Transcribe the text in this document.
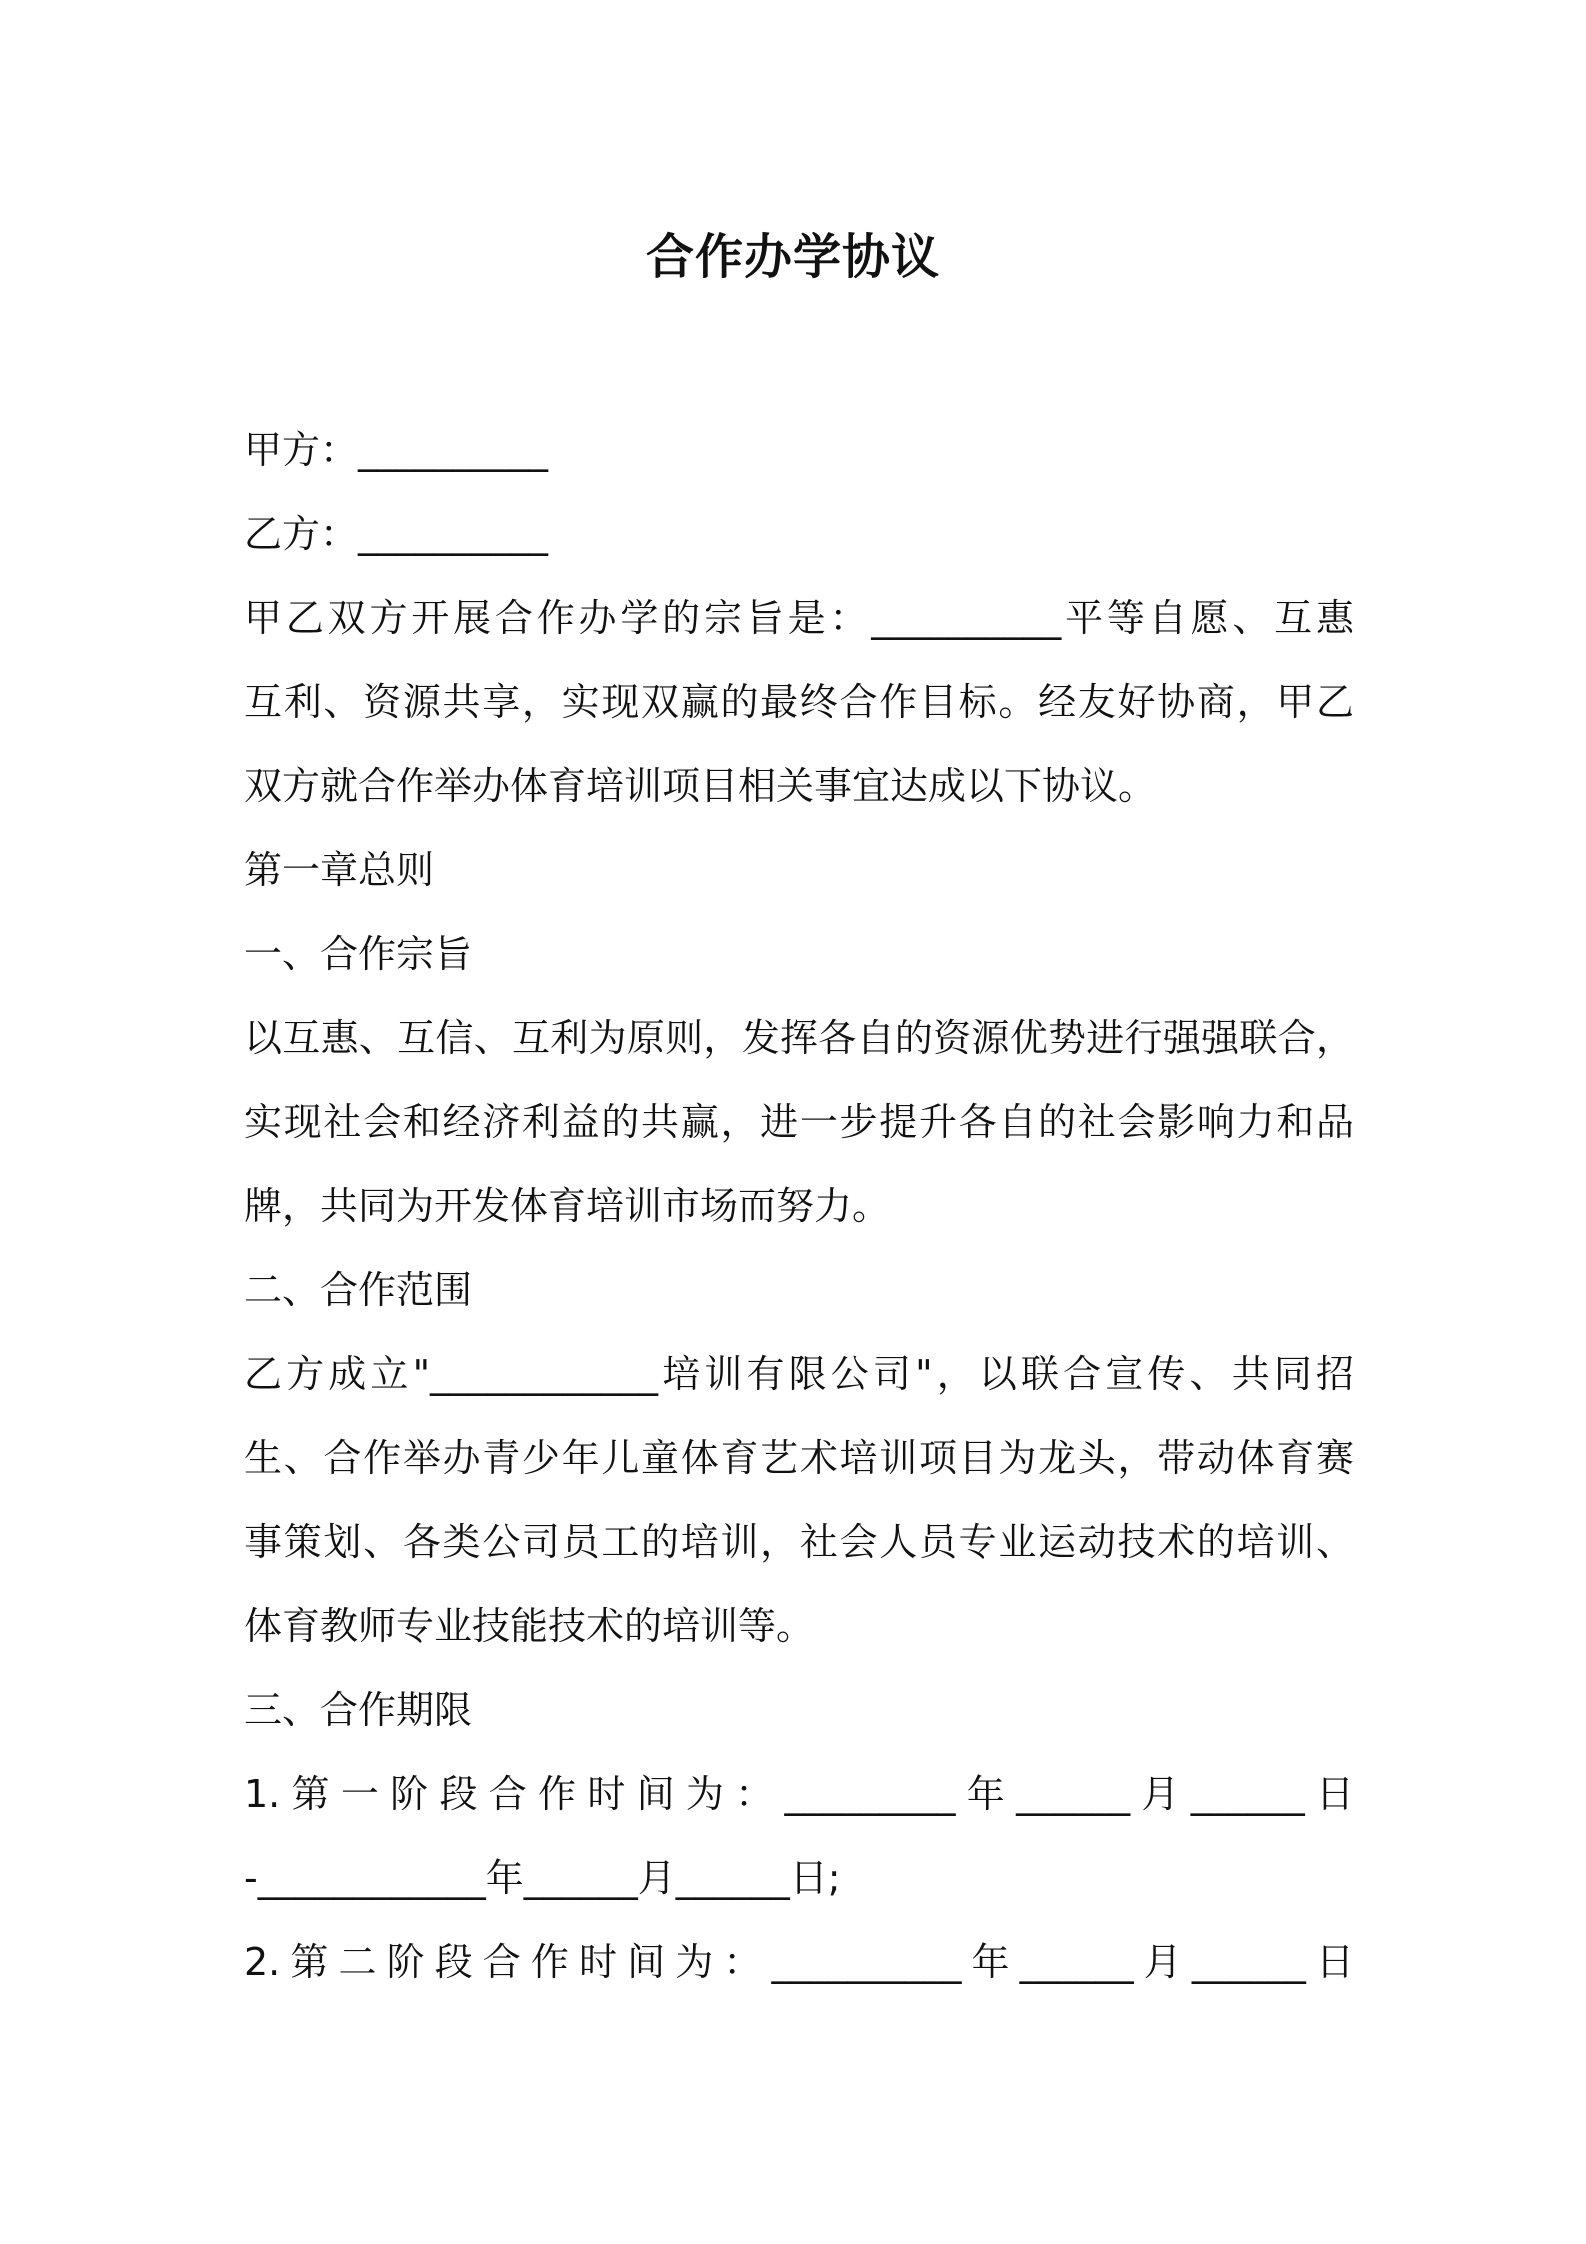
合作办学协议

甲方：__________

乙方：__________

甲乙双方开展合作办学的宗旨是：__________平等自愿、互惠

互利、资源共享，实现双赢的最终合作目标。经友好协商，甲乙

双方就合作举办体育培训项目相关事宜达成以下协议。

第一章总则

一、合作宗旨

以互惠、互信、互利为原则，发挥各自的资源优势进行强强联合，

实现社会和经济利益的共赢，进一步提升各自的社会影响力和品

牌，共同为开发体育培训市场而努力。

二、合作范围

乙方成立"____________培训有限公司"，以联合宣传、共同招

生、合作举办青少年儿童体育艺术培训项目为龙头，带动体育赛

事策划、各类公司员工的培训，社会人员专业运动技术的培训、

体育教师专业技能技术的培训等。

三、合作期限

1.第一阶段合作时间为：_________年______月______日

-____________年______月______日;

2.第二阶段合作时间为：__________年______月______日
